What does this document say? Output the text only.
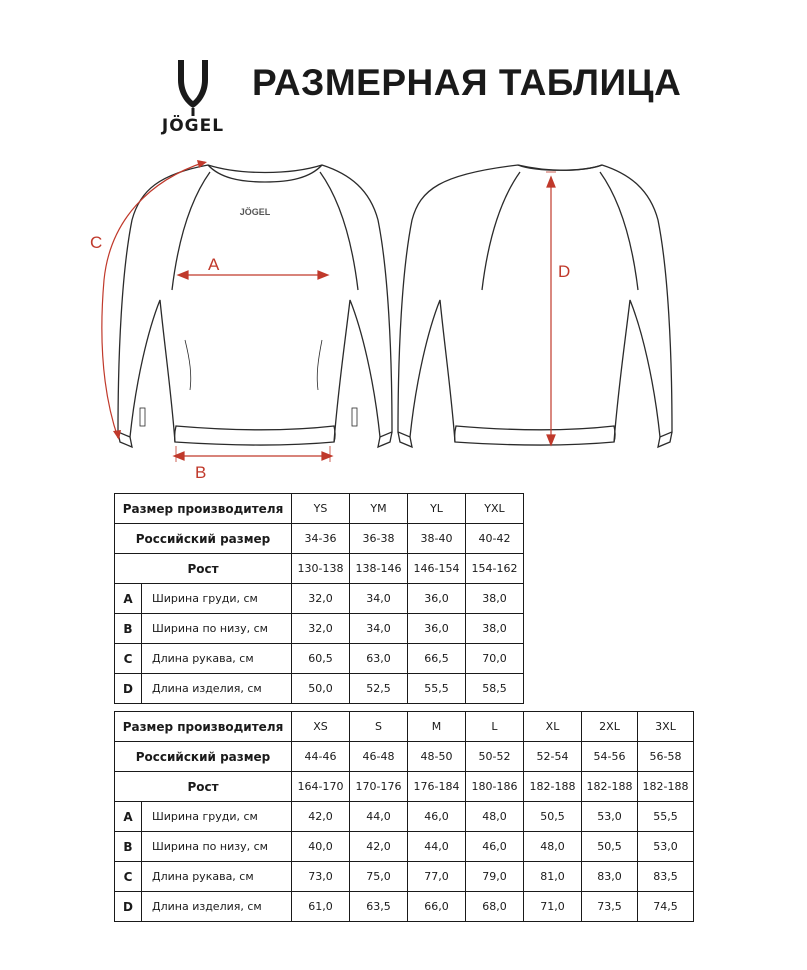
JÖGEL
РАЗМЕРНАЯ ТАБЛИЦА
JÖGEL
A
B
C
D
Размер производителя		YS	YM	YL	YXL
Российский размер		34-36	36-38	38-40	40-42
Рост		130-138	138-146	146-154	154-162
A	Ширина груди, см	32,0	34,0	36,0	38,0
B	Ширина по низу, см	32,0	34,0	36,0	38,0
C	Длина рукава, см	60,5	63,0	66,5	70,0
D	Длина изделия, см	50,0	52,5	55,5	58,5
Размер производителя		XS	S	M	L	XL	2XL	3XL
Российский размер		44-46	46-48	48-50	50-52	52-54	54-56	56-58
Рост		164-170	170-176	176-184	180-186	182-188	182-188	182-188
A	Ширина груди, см	42,0	44,0	46,0	48,0	50,5	53,0	55,5
B	Ширина по низу, см	40,0	42,0	44,0	46,0	48,0	50,5	53,0
C	Длина рукава, см	73,0	75,0	77,0	79,0	81,0	83,0	83,5
D	Длина изделия, см	61,0	63,5	66,0	68,0	71,0	73,5	74,5
